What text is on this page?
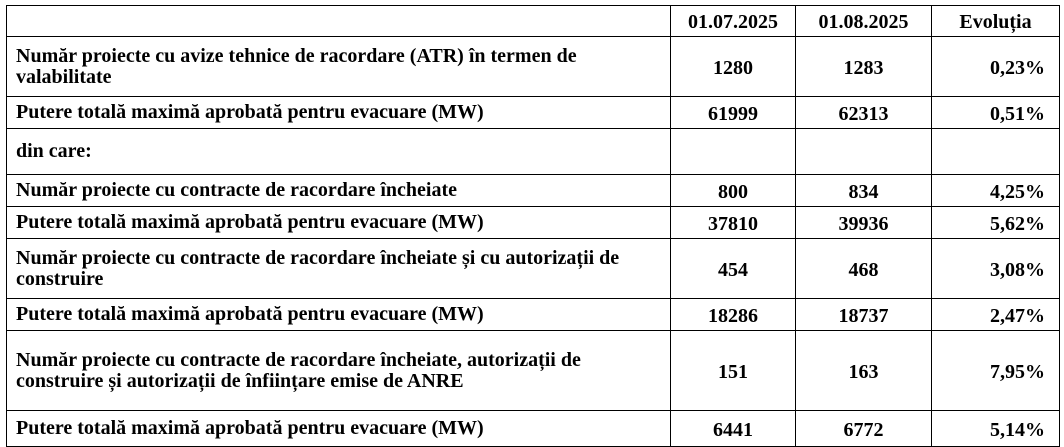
	01.07.2025	01.08.2025	Evoluția
Număr proiecte cu avize tehnice de racordare (ATR) în termen de valabilitate	1280	1283	0,23%
Putere totală maximă aprobată pentru evacuare (MW)	61999	62313	0,51%
din care:			
Număr proiecte cu contracte de racordare încheiate	800	834	4,25%
Putere totală maximă aprobată pentru evacuare (MW)	37810	39936	5,62%
Număr proiecte cu contracte de racordare încheiate și cu autorizații de construire	454	468	3,08%
Putere totală maximă aprobată pentru evacuare (MW)	18286	18737	2,47%
Număr proiecte cu contracte de racordare încheiate, autorizații de construire și autorizații de înființare emise de ANRE	151	163	7,95%
Putere totală maximă aprobată pentru evacuare (MW)	6441	6772	5,14%
